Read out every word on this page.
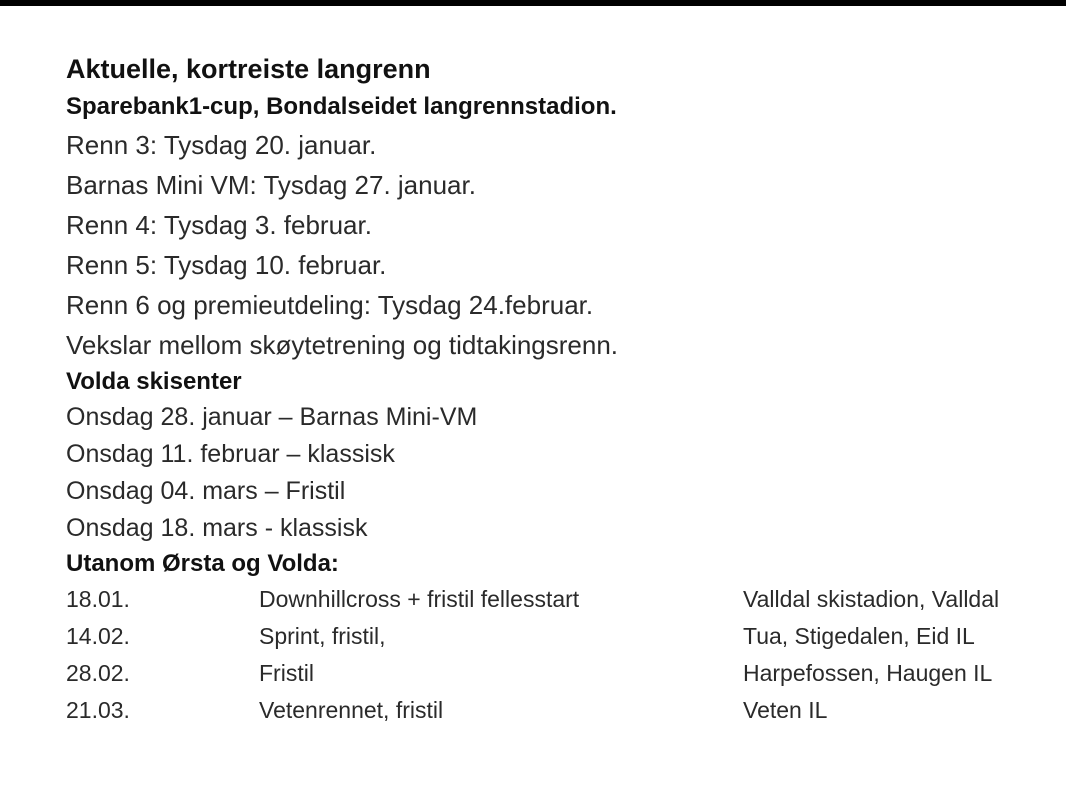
Aktuelle, kortreiste langrenn
Sparebank1-cup, Bondalseidet langrennstadion.
Renn 3: Tysdag 20. januar.
Barnas Mini VM: Tysdag 27. januar.
Renn 4: Tysdag 3. februar.
Renn 5: Tysdag 10. februar.
Renn 6 og premieutdeling: Tysdag 24.februar.
Vekslar mellom skøytetrening og tidtakingsrenn.
Volda skisenter
Onsdag 28. januar – Barnas Mini-VM
Onsdag 11. februar – klassisk
Onsdag 04. mars – Fristil
Onsdag 18. mars - klassisk
Utanom Ørsta og Volda:
18.01.	Downhillcross + fristil fellesstart	Valldal skistadion, Valldal
14.02.	Sprint, fristil,	Tua, Stigedalen, Eid IL
28.02.	Fristil	Harpefossen, Haugen IL
21.03.	Vetenrennet, fristil	Veten IL
